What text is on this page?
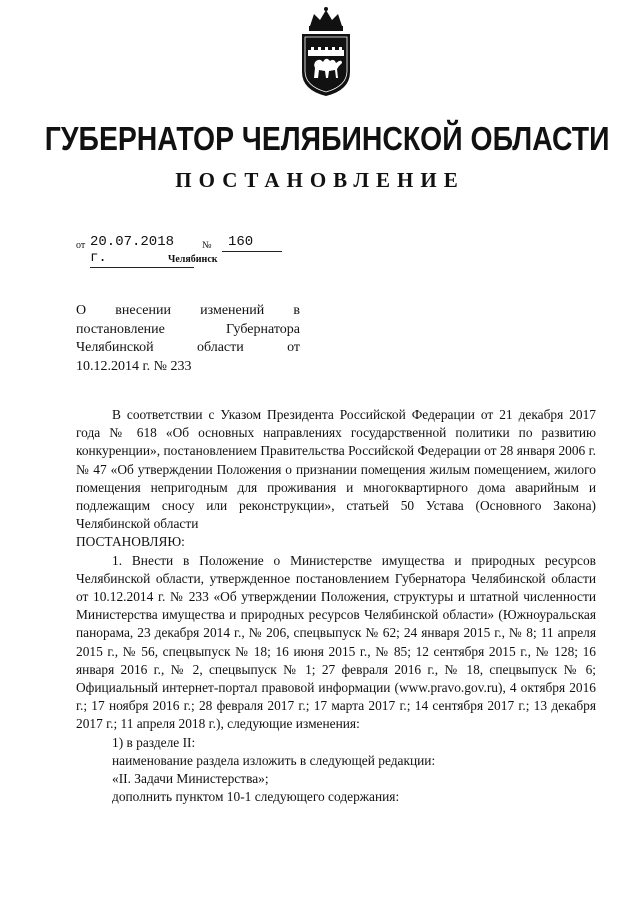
ГУБЕРНАТОР ЧЕЛЯБИНСКОЙ ОБЛАСТИ
ПОСТАНОВЛЕНИЕ
от 20.07.2018 г.
№	160
Челябинск
О внесении изменений в
постановление Губернатора
Челябинской области от
10.12.2014 г. № 233

В соответствии с Указом Президента Российской Федерации от 21 декабря 2017 года № 618 «Об основных направлениях государственной политики по развитию конкуренции», постановлением Правительства Российской Федерации от 28 января 2006 г. № 47 «Об утверждении Положения о признании помещения жилым помещением, жилого помещения непригодным для проживания и многоквартирного дома аварийным и подлежащим сносу или реконструкции», статьей 50 Устава (Основного Закона) Челябинской области

ПОСТАНОВЛЯЮ:

1. Внести в Положение о Министерстве имущества и природных ресурсов Челябинской области, утвержденное постановлением Губернатора Челябинской области от 10.12.2014 г. № 233 «Об утверждении Положения, структуры и штатной численности Министерства имущества и природных ресурсов Челябинской области» (Южноуральская панорама, 23 декабря 2014 г., № 206, спецвыпуск № 62; 24 января 2015 г., № 8; 11 апреля 2015 г., № 56, спецвыпуск № 18; 16 июня 2015 г., № 85; 12 сентября 2015 г., № 128; 16 января 2016 г., № 2, спецвыпуск № 1; 27 февраля 2016 г., № 18, спецвыпуск № 6; Официальный интернет-портал правовой информации (www.pravo.gov.ru), 4 октября 2016 г.; 17 ноября 2016 г.; 28 февраля 2017 г.; 17 марта 2017 г.; 14 сентября 2017 г.; 13 декабря 2017 г.; 11 апреля 2018 г.), следующие изменения:

1) в разделе II:

наименование раздела изложить в следующей редакции:

«II. Задачи Министерства»;

дополнить пунктом 10-1 следующего содержания:
